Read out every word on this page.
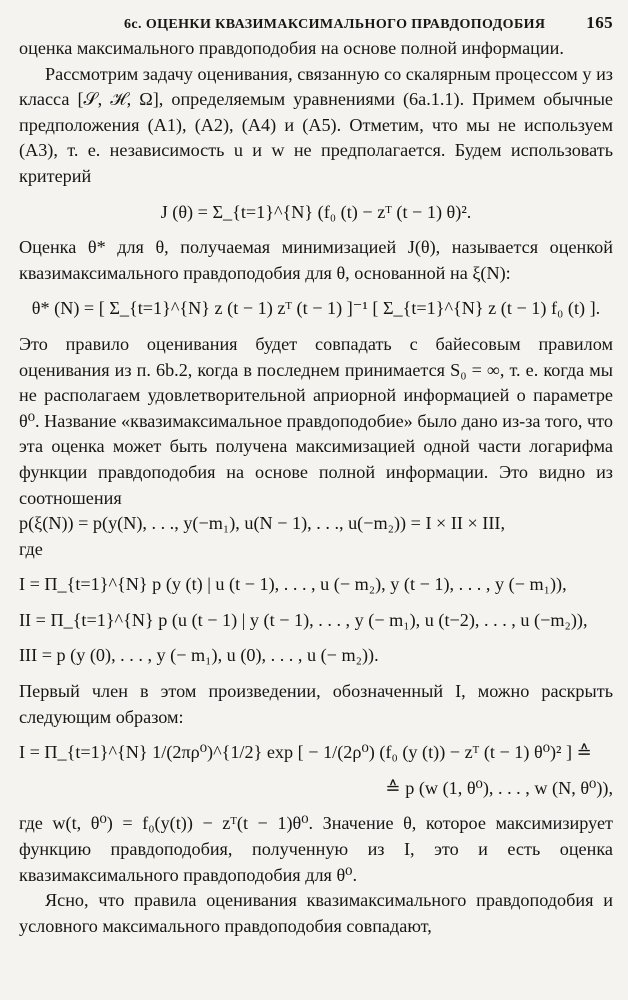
6с. ОЦЕНКИ КВАЗИМАКСИМАЛЬНОГО ПРАВДОПОДОБИЯ 165

оценка максимального правдоподобия на основе полной информации.

Рассмотрим задачу оценивания, связанную со скалярным процессом y из класса [𝒮, ℋ, Ω], определяемым уравнениями (6а.1.1). Примем обычные предположения (A1), (A2), (A4) и (A5). Отметим, что мы не используем (A3), т. е. независимость u и w не предполагается. Будем использовать критерий

J (θ) = Σ_{t=1}^{N} (f₀ (t) − zᵀ (t − 1) θ)².

Оценка θ* для θ, получаемая минимизацией J(θ), называется оценкой квазимаксимального правдоподобия для θ, основанной на ξ(N):

θ* (N) = [ Σ_{t=1}^{N} z (t − 1) zᵀ (t − 1) ]⁻¹ [ Σ_{t=1}^{N} z (t − 1) f₀ (t) ].

Это правило оценивания будет совпадать с байесовым правилом оценивания из п. 6b.2, когда в последнем принимается S₀ = ∞, т. е. когда мы не располагаем удовлетворительной априорной информацией о параметре θ⁰. Название «квазимаксимальное правдоподобие» было дано из-за того, что эта оценка может быть получена максимизацией одной части логарифма функции правдоподобия на основе полной информации. Это видно из соотношения

p(ξ(N)) = p(y(N), . . ., y(−m₁), u(N − 1), . . ., u(−m₂)) = I × II × III,

где

I = Π_{t=1}^{N} p (y (t) | u (t − 1), . . . , u (− m₂), y (t − 1), . . . , y (− m₁)),
II = Π_{t=1}^{N} p (u (t − 1) | y (t − 1), . . . , y (− m₁), u (t−2), . . . , u (−m₂)),
III = p (y (0), . . . , y (− m₁), u (0), . . . , u (− m₂)).

Первый член в этом произведении, обозначенный I, можно раскрыть следующим образом:

I = Π_{t=1}^{N} 1/(2πρ⁰)^{1/2} exp [ − 1/(2ρ⁰) (f₀ (y (t)) − zᵀ (t − 1) θ⁰)² ] ≙
≙ p (w (1, θ⁰), . . . , w (N, θ⁰)),

где w(t, θ⁰) = f₀(y(t)) − zᵀ(t − 1)θ⁰. Значение θ, которое максимизирует функцию правдоподобия, полученную из I, это и есть оценка квазимаксимального правдоподобия для θ⁰.

Ясно, что правила оценивания квазимаксимального правдоподобия и условного максимального правдоподобия совпадают,
